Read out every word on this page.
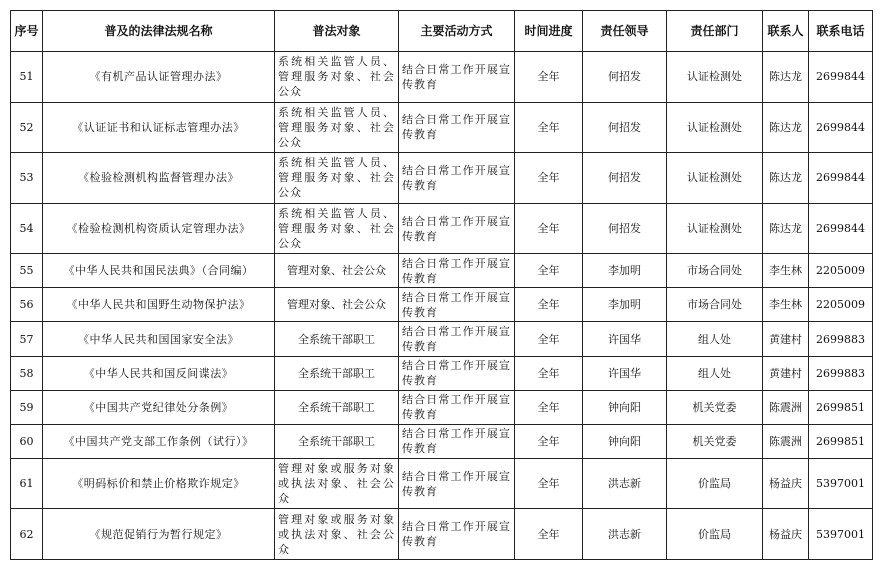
序号	普及的法律法规名称	普法对象	主要活动方式	时间进度	责任领导	责任部门	联系人	联系电话
51	《有机产品认证管理办法》	系统相关监管人员、管理服务对象、社会公众	结合日常工作开展宣传教育	全年	何招发	认证检测处	陈达龙	2699844
52	《认证证书和认证标志管理办法》	系统相关监管人员、管理服务对象、社会公众	结合日常工作开展宣传教育	全年	何招发	认证检测处	陈达龙	2699844
53	《检验检测机构监督管理办法》	系统相关监管人员、管理服务对象、社会公众	结合日常工作开展宣传教育	全年	何招发	认证检测处	陈达龙	2699844
54	《检验检测机构资质认定管理办法》	系统相关监管人员、管理服务对象、社会公众	结合日常工作开展宣传教育	全年	何招发	认证检测处	陈达龙	2699844
55	《中华人民共和国民法典》（合同编）	管理对象、社会公众	结合日常工作开展宣传教育	全年	李加明	市场合同处	李生林	2205009
56	《中华人民共和国野生动物保护法》	管理对象、社会公众	结合日常工作开展宣传教育	全年	李加明	市场合同处	李生林	2205009
57	《中华人民共和国国家安全法》	全系统干部职工	结合日常工作开展宣传教育	全年	许国华	组人处	黄建村	2699883
58	《中华人民共和国反间谍法》	全系统干部职工	结合日常工作开展宣传教育	全年	许国华	组人处	黄建村	2699883
59	《中国共产党纪律处分条例》	全系统干部职工	结合日常工作开展宣传教育	全年	钟向阳	机关党委	陈震洲	2699851
60	《中国共产党支部工作条例（试行）》	全系统干部职工	结合日常工作开展宣传教育	全年	钟向阳	机关党委	陈震洲	2699851
61	《明码标价和禁止价格欺诈规定》	管理对象或服务对象或执法对象、社会公众	结合日常工作开展宣传教育	全年	洪志新	价监局	杨益庆	5397001
62	《规范促销行为暂行规定》	管理对象或服务对象或执法对象、社会公众	结合日常工作开展宣传教育	全年	洪志新	价监局	杨益庆	5397001
